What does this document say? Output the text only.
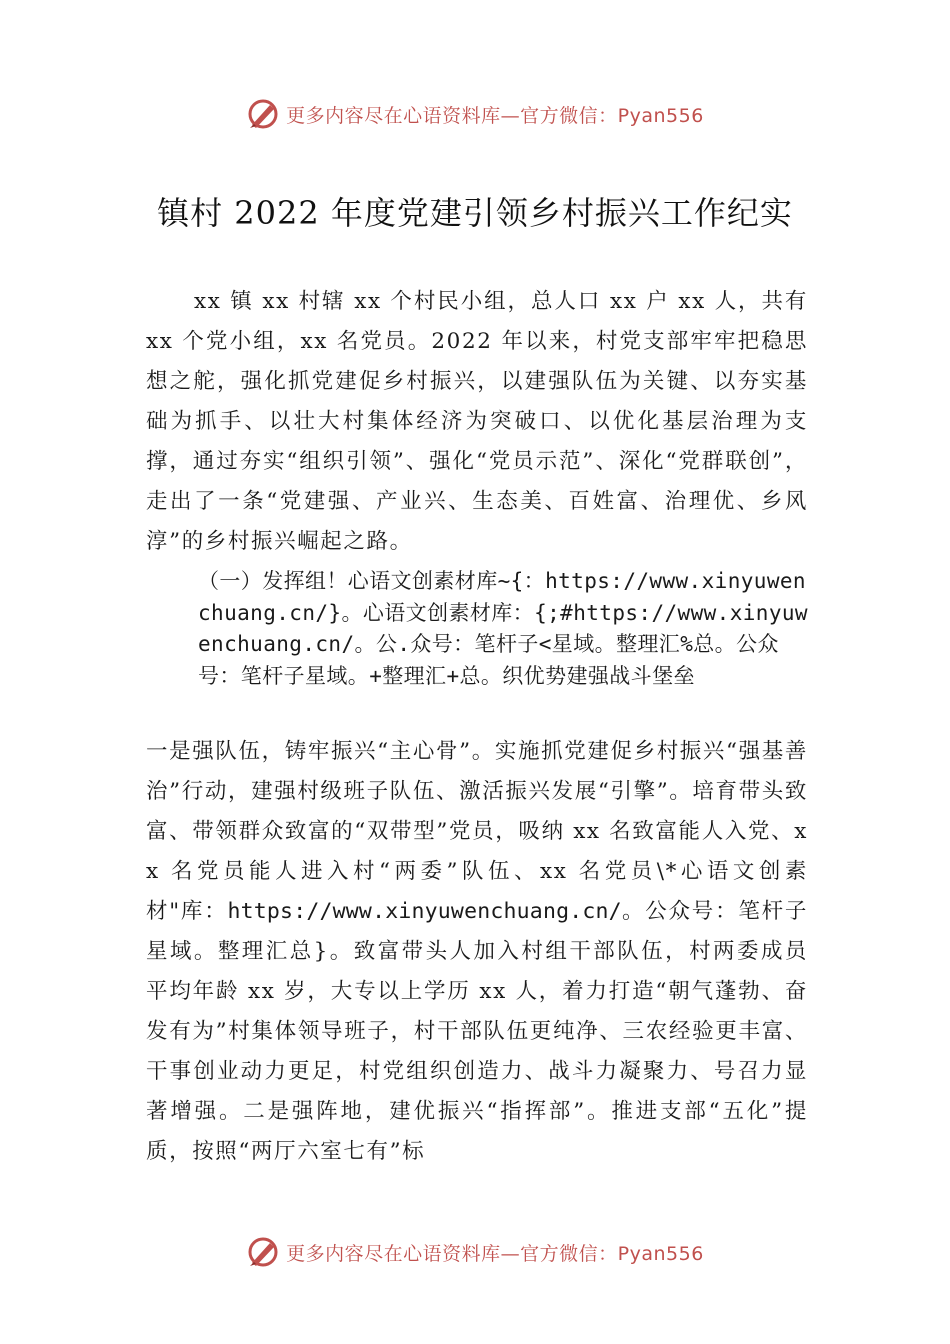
更多内容尽在心语资料库—官方微信：Pyan556
镇村 2022 年度党建引领乡村振兴工作纪实

xx 镇 xx 村辖 xx 个村民小组，总人口 xx 户 xx 人，共有 xx 个党小组，xx 名党员。2022 年以来，村党支部牢牢把稳思想之舵，强化抓党建促乡村振兴，以建强队伍为关键、以夯实基础为抓手、以壮大村集体经济为突破口、以优化基层治理为支撑，通过夯实“组织引领”、强化“党员示范”、深化“党群联创”，走出了一条“党建强、产业兴、生态美、百姓富、治理优、乡风淳”的乡村振兴崛起之路。

（一）发挥组！心语文创素材库~{：https://www.xinyuwenchuang.cn/}。心语文创素材库：{;#https://www.xinyuwenchuang.cn/。公.众号：笔杆子<星域。整理汇%总。公众号：笔杆子星域。+整理汇+总。织优势建强战斗堡垒

一是强队伍，铸牢振兴“主心骨”。实施抓党建促乡村振兴“强基善治”行动，建强村级班子队伍、激活振兴发展“引擎”。培育带头致富、带领群众致富的“双带型”党员，吸纳 xx 名致富能人入党、xx 名党员能人进入村“两委”队伍、xx 名党员\*心语文创素材"库：https://www.xinyuwenchuang.cn/。公众号：笔杆子星域。整理汇总}。致富带头人加入村组干部队伍，村两委成员平均年龄 xx 岁，大专以上学历 xx 人，着力打造“朝气蓬勃、奋发有为”村集体领导班子，村干部队伍更纯净、三农经验更丰富、干事创业动力更足，村党组织创造力、战斗力凝聚力、号召力显著增强。二是强阵地，建优振兴“指挥部”。推进支部“五化”提质，按照“两厅六室七有”标

更多内容尽在心语资料库—官方微信：Pyan556
